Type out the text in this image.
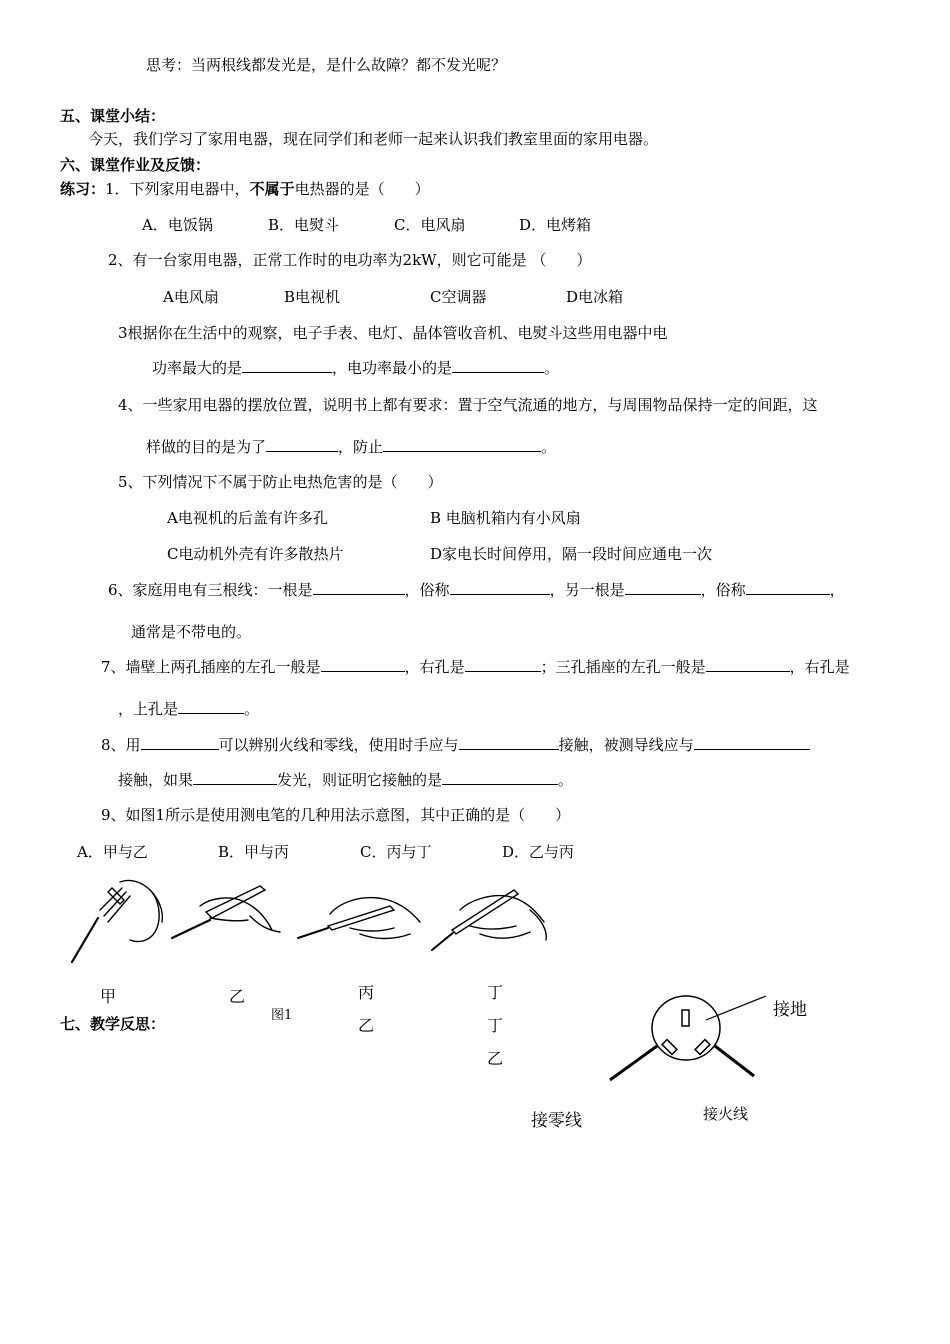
思考：当两根线都发光是，是什么故障？都不发光呢？
五、课堂小结：
今天，我们学习了家用电器，现在同学们和老师一起来认识我们教室里面的家用电器。
六、课堂作业及反馈：
练习：1．下列家用电器中，不属于电热器的是（　　）
A．电饭锅	B．电熨斗	C．电风扇	D．电烤箱
2、有一台家用电器，正常工作时的电功率为2kW，则它可能是 （　　）
A电风扇	B电视机	C空调器	D电冰箱
3根据你在生活中的观察，电子手表、电灯、晶体管收音机、电熨斗这些用电器中电
功率最大的是	，电功率最小的是	。
4、一些家用电器的摆放位置，说明书上都有要求：置于空气流通的地方，与周围物品保持一定的间距，这
样做的目的是为了	，防止	。
5、下列情况下不属于防止电热危害的是（　　）
A电视机的后盖有许多孔	B 电脑机箱内有小风扇
C电动机外壳有许多散热片	D家电长时间停用，隔一段时间应通电一次
6、家庭用电有三根线：一根是	，俗称	，另一根是	，俗称	，
通常是不带电的。
7、墙壁上两孔插座的左孔一般是	，右孔是	；三孔插座的左孔一般是	，右孔是
，上孔是	。
8、用	可以辨别火线和零线，使用时手应与	接触，被测导线应与
接触，如果	发光，则证明它接触的是	。
9、如图1所示是使用测电笔的几种用法示意图，其中正确的是（　　）
A．甲与乙	B．甲与丙	C．丙与丁	D．乙与丙
甲	乙	丙	丁
图1
乙	丁
乙
七、教学反思：
接地
接零线	接火线
